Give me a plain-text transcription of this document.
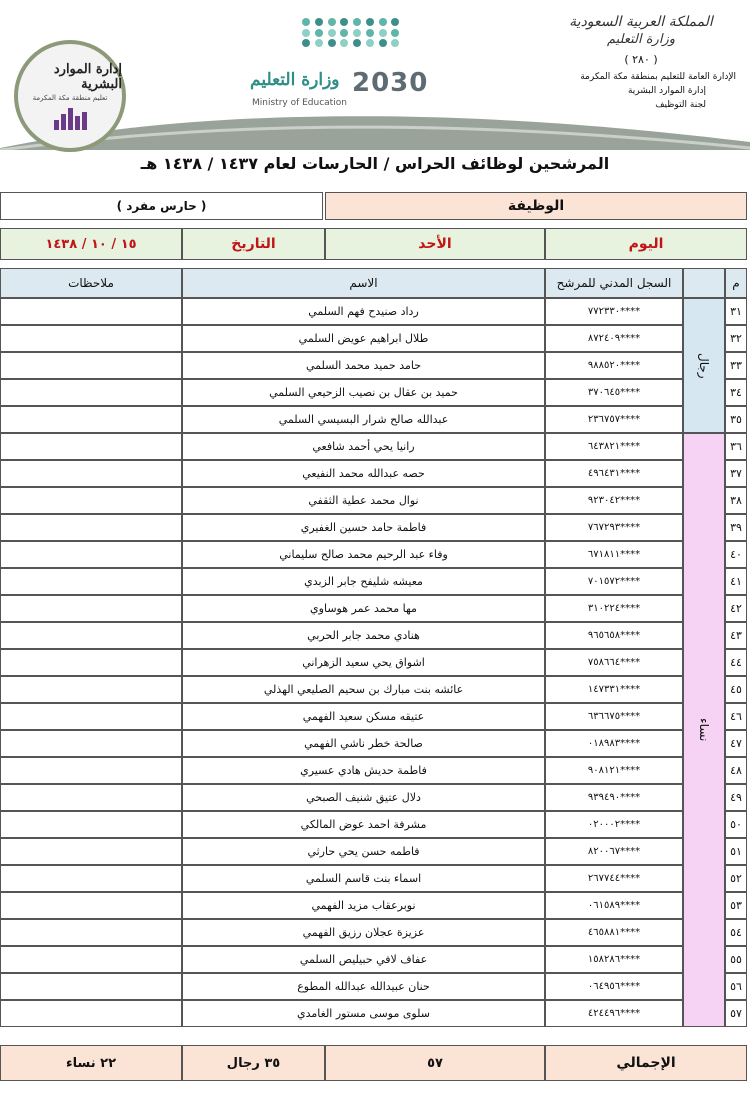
إدارة الموارد البشرية
تعليم منطقة مكة المكرمة
وزارة التعليم 2030
Ministry of Education
المملكة العربية السعودية
وزارة التعليم
( ٢٨٠ )
الإدارة العامة للتعليم بمنطقة مكة المكرمة
إدارة الموارد البشرية
لجنة التوظيف
المرشحين لوظائف الحراس / الحارسات لعام ١٤٣٧ / ١٤٣٨ هـ
الوظيفة
( حارس مفرد )
اليوم
الأحد
التاريخ
١٥ / ١٠ / ١٤٣٨
م
السجل المدني للمرشح
الاسم
ملاحظات
رجال
نساء
٣١
****٧٧٢٣٣٠
رداد صنيدح فهم السلمي
٣٢
****٨٧٢٤٠٩
طلال ابراهيم عويض السلمي
٣٣
****٩٨٨٥٢٠
حامد حميد محمد السلمي
٣٤
****٣٧٠٦٤٥
حميد بن عقال بن نصيب الزحيعي السلمي
٣٥
****٢٣٦٧٥٧
عبدالله صالح شرار البسيسي السلمي
٣٦
****٦٤٣٨٢١
رانيا يحي أحمد شافعي
٣٧
****٤٩٦٤٣١
حصه عبدالله محمد النفيعي
٣٨
****٩٢٣٠٤٢
نوال محمد عطية الثقفي
٣٩
****٧٦٧٢٩٣
فاطمة حامد حسين الغفيري
٤٠
****٦٧١٨١١
وفاء عبد الرحيم محمد صالح سليماني
٤١
****٧٠١٥٧٢
معيشه شليفح جابر الزبدي
٤٢
****٣١٠٢٢٤
مها محمد عمر هوساوي
٤٣
****٩٦٥٦٥٨
هنادي محمد جابر الحربي
٤٤
****٧٥٨٦٦٤
اشواق يحي سعيد الزهراني
٤٥
****١٤٧٣٣١
عائشه بنت مبارك بن سحيم الصليعي الهذلي
٤٦
****٦٣٦٦٧٥
عتيقه مسكن سعيد الفهمي
٤٧
****٠١٨٩٨٣
صالحة خطر ناشي الفهمي
٤٨
****٩٠٨١٢١
فاطمة حديش هادي عسيري
٤٩
****٩٣٩٤٩٠
دلال عتيق شنيف الصبحي
٥٠
****٠٢٠٠٠٢
مشرفة احمد عوض المالكي
٥١
****٨٢٠٠٦٧
فاطمه حسن يحي حارثي
٥٢
****٢٦٧٧٤٤
اسماء بنت قاسم السلمي
٥٣
****٠٦١٥٨٩
نوبرعقاب مزيد الفهمي
٥٤
****٤٦٥٨٨١
عزيزة عجلان رزيق الفهمي
٥٥
****١٥٨٢٨٦
عفاف لافي حبيليص السلمي
٥٦
****٠٦٤٩٥٦
حنان عبيدالله عبدالله المطوع
٥٧
****٤٢٤٤٩٦
سلوى موسى مستور الغامدي
الإجمالي
٥٧
٣٥ رجال
٢٢ نساء
